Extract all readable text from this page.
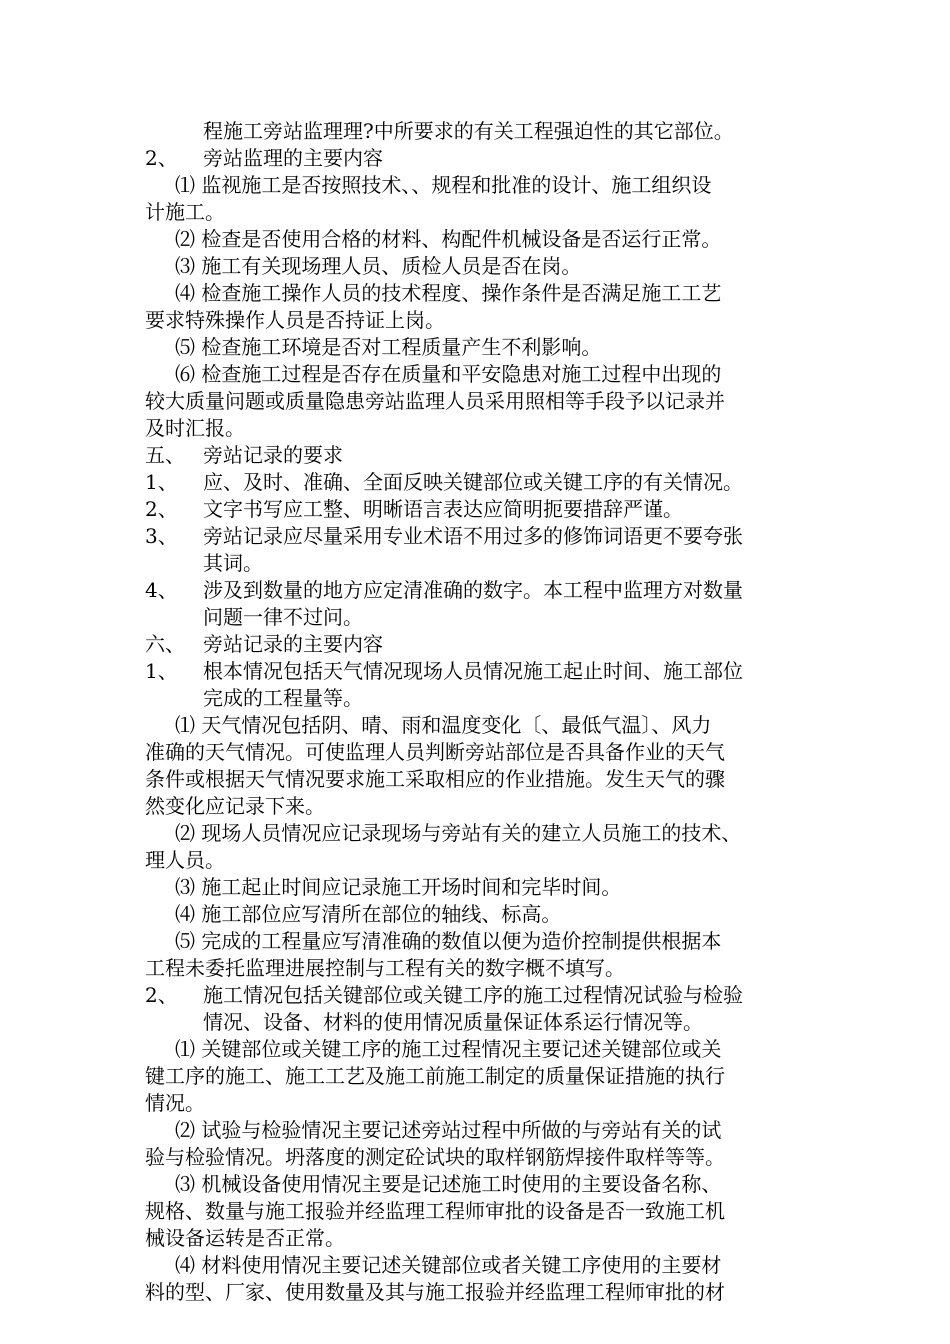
程施工旁站监理理?中所要求的有关工程强迫性的其它部位。
2、 旁站监理的主要内容
⑴ 监视施工是否按照技术、、规程和批准的设计、施工组织设
计施工。
⑵ 检查是否使用合格的材料、构配件机械设备是否运行正常。
⑶ 施工有关现场理人员、质检人员是否在岗。
⑷ 检查施工操作人员的技术程度、操作条件是否满足施工工艺
要求特殊操作人员是否持证上岗。
⑸ 检查施工环境是否对工程质量产生不利影响。
⑹ 检查施工过程是否存在质量和平安隐患对施工过程中出现的
较大质量问题或质量隐患旁站监理人员采用照相等手段予以记录并
及时汇报。
五、 旁站记录的要求
1、 应、及时、准确、全面反映关键部位或关键工序的有关情况。
2、 文字书写应工整、明晰语言表达应简明扼要措辞严谨。
3、 旁站记录应尽量采用专业术语不用过多的修饰词语更不要夸张
其词。
4、 涉及到数量的地方应定清准确的数字。本工程中监理方对数量
问题一律不过问。
六、 旁站记录的主要内容
1、 根本情况包括天气情况现场人员情况施工起止时间、施工部位
完成的工程量等。
⑴ 天气情况包括阴、晴、雨和温度变化〔、最低气温〕、风力
准确的天气情况。可使监理人员判断旁站部位是否具备作业的天气
条件或根据天气情况要求施工采取相应的作业措施。发生天气的骤
然变化应记录下来。
⑵ 现场人员情况应记录现场与旁站有关的建立人员施工的技术、
理人员。
⑶ 施工起止时间应记录施工开场时间和完毕时间。
⑷ 施工部位应写清所在部位的轴线、标高。
⑸ 完成的工程量应写清准确的数值以便为造价控制提供根据本
工程未委托监理进展控制与工程有关的数字概不填写。
2、 施工情况包括关键部位或关键工序的施工过程情况试验与检验
情况、设备、材料的使用情况质量保证体系运行情况等。
⑴ 关键部位或关键工序的施工过程情况主要记述关键部位或关
键工序的施工、施工工艺及施工前施工制定的质量保证措施的执行
情况。
⑵ 试验与检验情况主要记述旁站过程中所做的与旁站有关的试
验与检验情况。坍落度的测定砼试块的取样钢筋焊接件取样等等。
⑶ 机械设备使用情况主要是记述施工时使用的主要设备名称、
规格、数量与施工报验并经监理工程师审批的设备是否一致施工机
械设备运转是否正常。
⑷ 材料使用情况主要记述关键部位或者关键工序使用的主要材
料的型、厂家、使用数量及其与施工报验并经监理工程师审批的材
